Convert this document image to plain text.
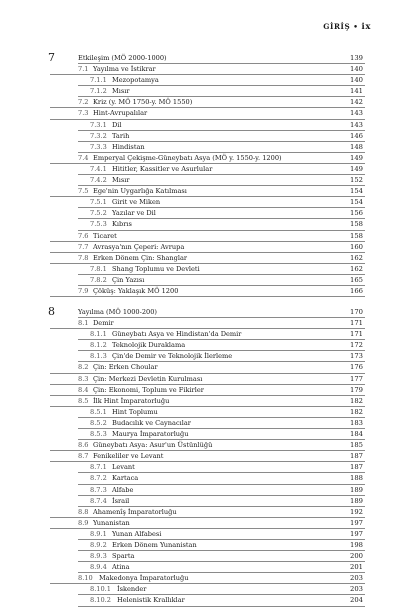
GİRİŞ • ix
7	Etkileşim (MÖ 2000-1000)	139
7.1 Yayılma ve İstikrar	140
7.1.1 Mezopotamya	140
7.1.2 Mısır	141
7.2 Kriz (y. MÖ 1750-y. MÖ 1550)	142
7.3 Hint-Avrupalılar	143
7.3.1 Dil	143
7.3.2 Tarih	146
7.3.3 Hindistan	148
7.4 Emperyal Çekişme-Güneybatı Asya (MÖ y. 1550-y. 1200)	149
7.4.1 Hititler, Kassitler ve Asurlular	149
7.4.2 Mısır	152
7.5 Ege'nin Uygarlığa Katılması	154
7.5.1 Girit ve Miken	154
7.5.2 Yazılar ve Dil	156
7.5.3 Kıbrıs	158
7.6 Ticaret	158
7.7 Avrasya'nın Çeperi: Avrupa	160
7.8 Erken Dönem Çin: Shanglar	162
7.8.1 Shang Toplumu ve Devleti	162
7.8.2 Çin Yazısı	165
7.9 Çöküş: Yaklaşık MÖ 1200	166
8	Yayılma (MÖ 1000-200)	170
8.1 Demir	171
8.1.1 Güneybatı Asya ve Hindistan'da Demir	171
8.1.2 Teknolojik Duraklama	172
8.1.3 Çin'de Demir ve Teknolojik İlerleme	173
8.2 Çin: Erken Choular	176
8.3 Çin: Merkezi Devletin Kurulması	177
8.4 Çin: Ekonomi, Toplum ve Fikirler	179
8.5 İlk Hint İmparatorluğu	182
8.5.1 Hint Toplumu	182
8.5.2 Budacılık ve Caynacılar	183
8.5.3 Maurya İmparatorluğu	184
8.6 Güneybatı Asya: Asur'un Üstünlüğü	185
8.7 Fenikeliler ve Levant	187
8.7.1 Levant	187
8.7.2 Kartaca	188
8.7.3 Alfabe	189
8.7.4 İsrail	189
8.8 Ahamenîş İmparatorluğu	192
8.9 Yunanistan	197
8.9.1 Yunan Alfabesi	197
8.9.2 Erken Dönem Yunanistan	198
8.9.3 Sparta	200
8.9.4 Atina	201
8.10 Makedonya İmparatorluğu	203
8.10.1 İskender	203
8.10.2 Helenistik Krallıklar	204
